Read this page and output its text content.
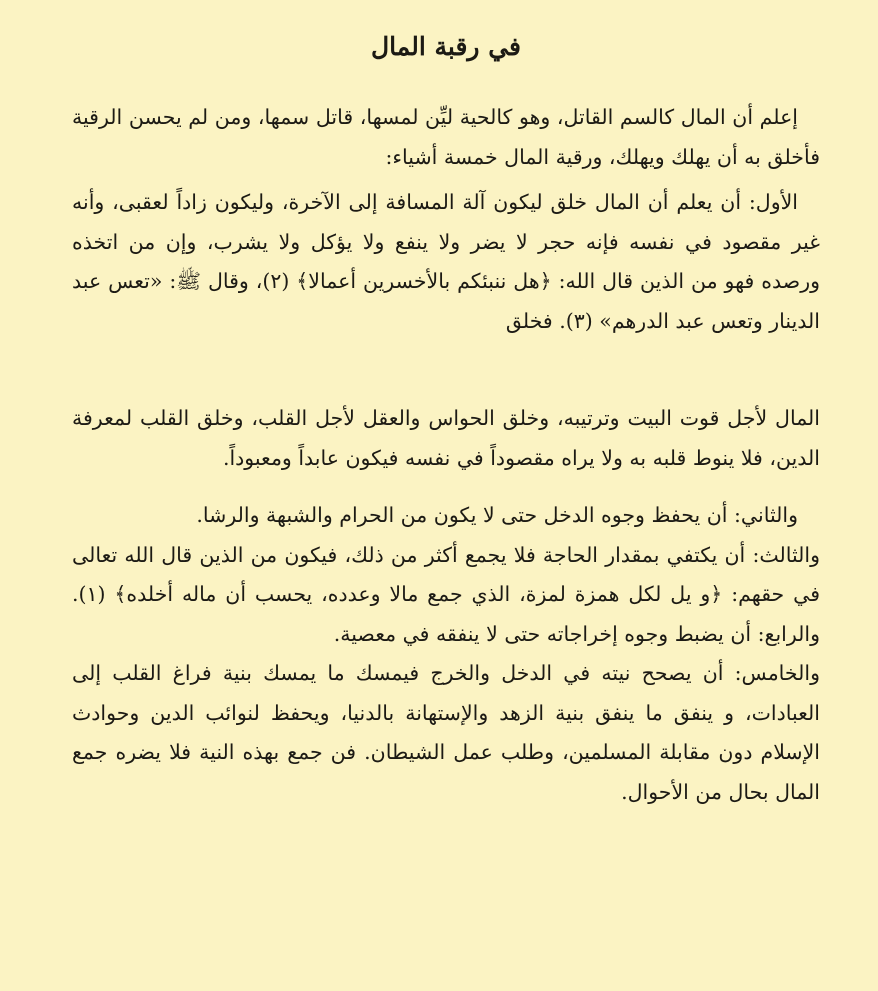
في رقبة المال

إعلم أن المال كالسم القاتل، وهو كالحية ليِّن لمسها، قاتل سمها، ومن لم يحسن الرقية فأخلق به أن يهلك ويهلك، ورقية المال خمسة أشياء:

الأول: أن يعلم أن المال خلق ليكون آلة المسافة إلى الآخرة، وليكون زاداً لعقبى، وأنه غير مقصود في نفسه فإنه حجر لا يضر ولا ينفع ولا يؤكل ولا يشرب، وإن من اتخذه ورصده فهو من الذين قال الله: ﴿هل ننبئكم بالأخسرين أعمالا﴾ (٢)، وقال ﷺ: «تعس عبد الدينار وتعس عبد الدرهم» (٣). فخلق

المال لأجل قوت البيت وترتيبه، وخلق الحواس والعقل لأجل القلب، وخلق القلب لمعرفة الدين، فلا ينوط قلبه به ولا يراه مقصوداً في نفسه فيكون عابداً ومعبوداً.

والثاني: أن يحفظ وجوه الدخل حتى لا يكون من الحرام والشبهة والرشا.

والثالث: أن يكتفي بمقدار الحاجة فلا يجمع أكثر من ذلك، فيكون من الذين قال الله تعالى في حقهم: ﴿و يل لكل همزة لمزة، الذي جمع مالا وعدده، يحسب أن ماله أخلده﴾ (١). والرابع: أن يضبط وجوه إخراجاته حتى لا ينفقه في معصية.

والخامس: أن يصحح نيته في الدخل والخرج فيمسك ما يمسك بنية فراغ القلب إلى العبادات، و ينفق ما ينفق بنية الزهد والإستهانة بالدنيا، ويحفظ لنوائب الدين وحوادث الإسلام دون مقابلة المسلمين، وطلب عمل الشيطان. فن جمع بهذه النية فلا يضره جمع المال بحال من الأحوال.
